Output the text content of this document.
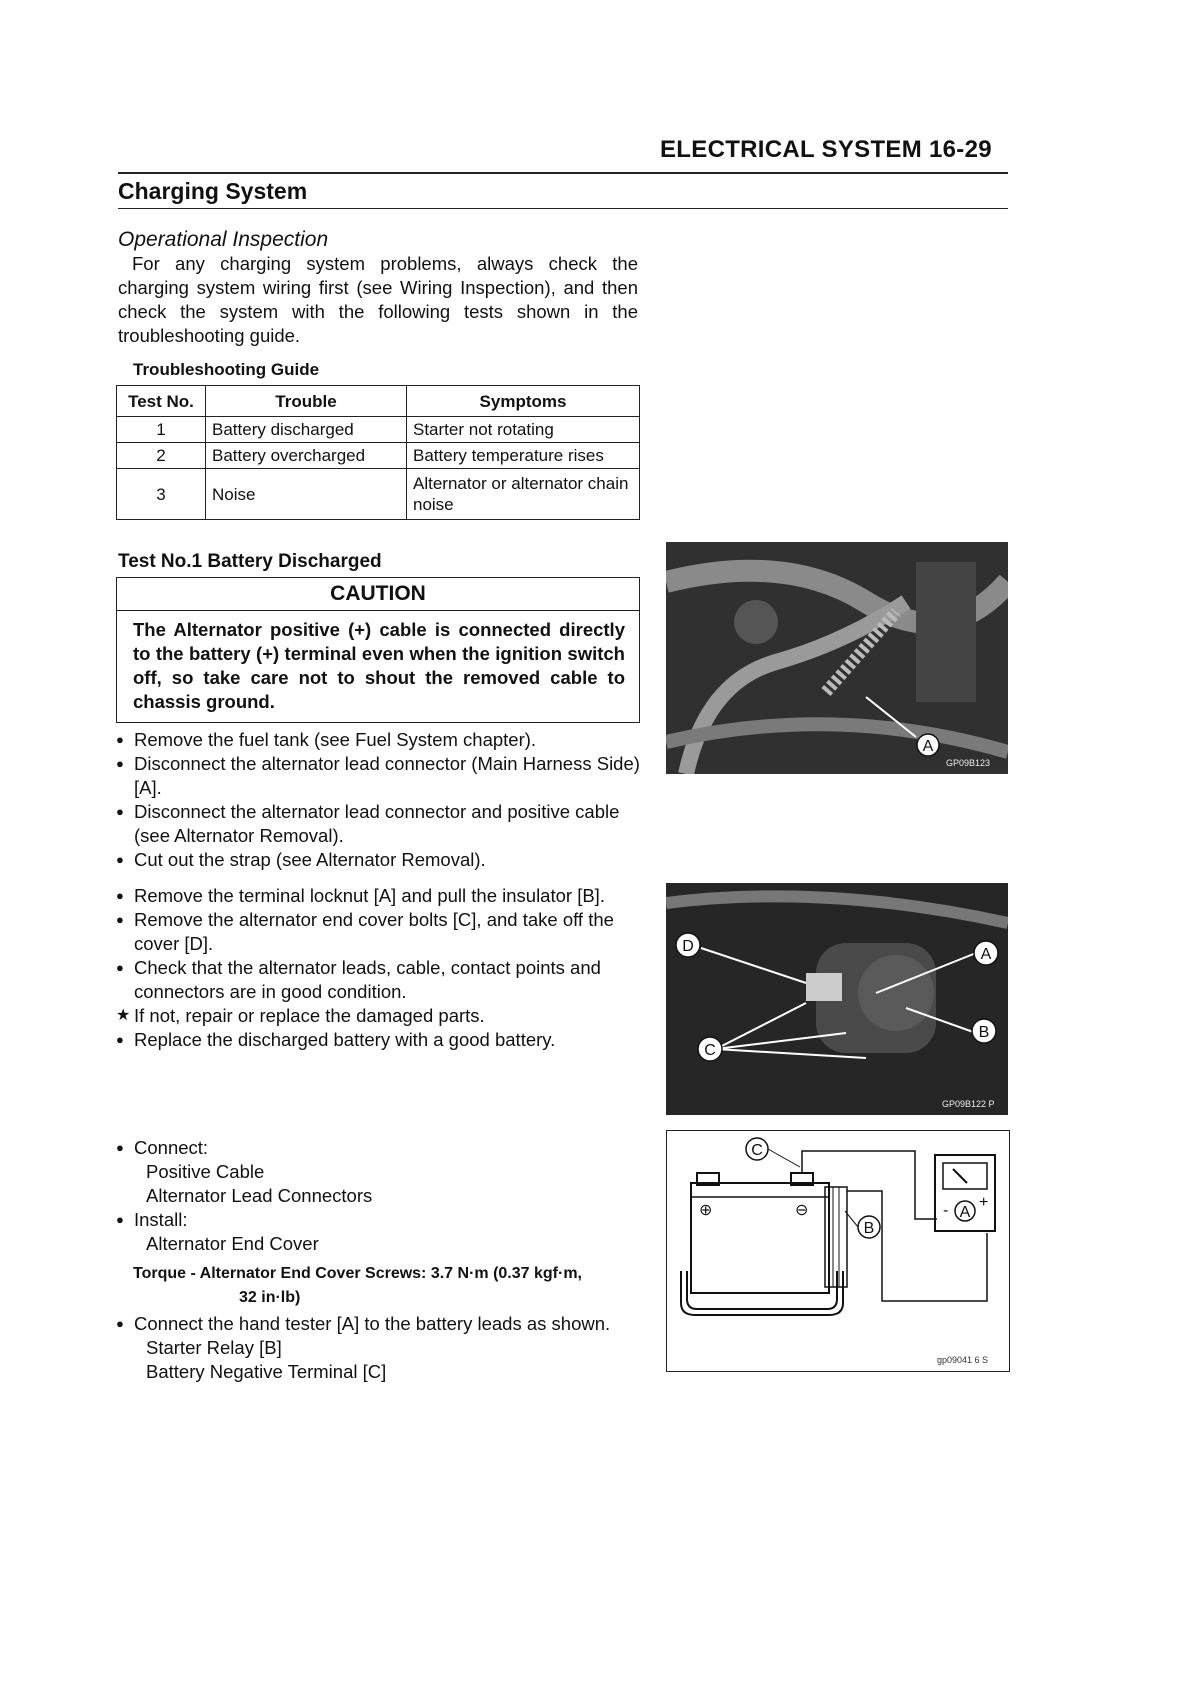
ELECTRICAL SYSTEM 16-29
Charging System
Operational Inspection
For any charging system problems, always check the charging system wiring first (see Wiring Inspection), and then check the system with the following tests shown in the troubleshooting guide.
Troubleshooting Guide
Test No.	Trouble	Symptoms
1	Battery discharged	Starter not rotating
2	Battery overcharged	Battery temperature rises
3	Noise	Alternator or alternator chain noise
Test No.1 Battery Discharged
CAUTION
The Alternator positive (+) cable is connected directly to the battery (+) terminal even when the ignition switch off, so take care not to shout the removed cable to chassis ground.
● Remove the fuel tank (see Fuel System chapter).
● Disconnect the alternator lead connector (Main Harness Side) [A].
● Disconnect the alternator lead connector and positive cable (see Alternator Removal).
● Cut out the strap (see Alternator Removal).
● Remove the terminal locknut [A] and pull the insulator [B].
● Remove the alternator end cover bolts [C], and take off the cover [D].
● Check that the alternator leads, cable, contact points and connectors are in good condition.
★ If not, repair or replace the damaged parts.
● Replace the discharged battery with a good battery.
● Connect:
Positive Cable
Alternator Lead Connectors
● Install:
Alternator End Cover
Torque - Alternator End Cover Screws: 3.7 N·m (0.37 kgf·m,
32 in·lb)
● Connect the hand tester [A] to the battery leads as shown.
Starter Relay [B]
Battery Negative Terminal [C]
A
GP09B123
D	A
C
B
GP09B122 P
⊕	⊖	A
- +
C
B
gp09041 6 S
